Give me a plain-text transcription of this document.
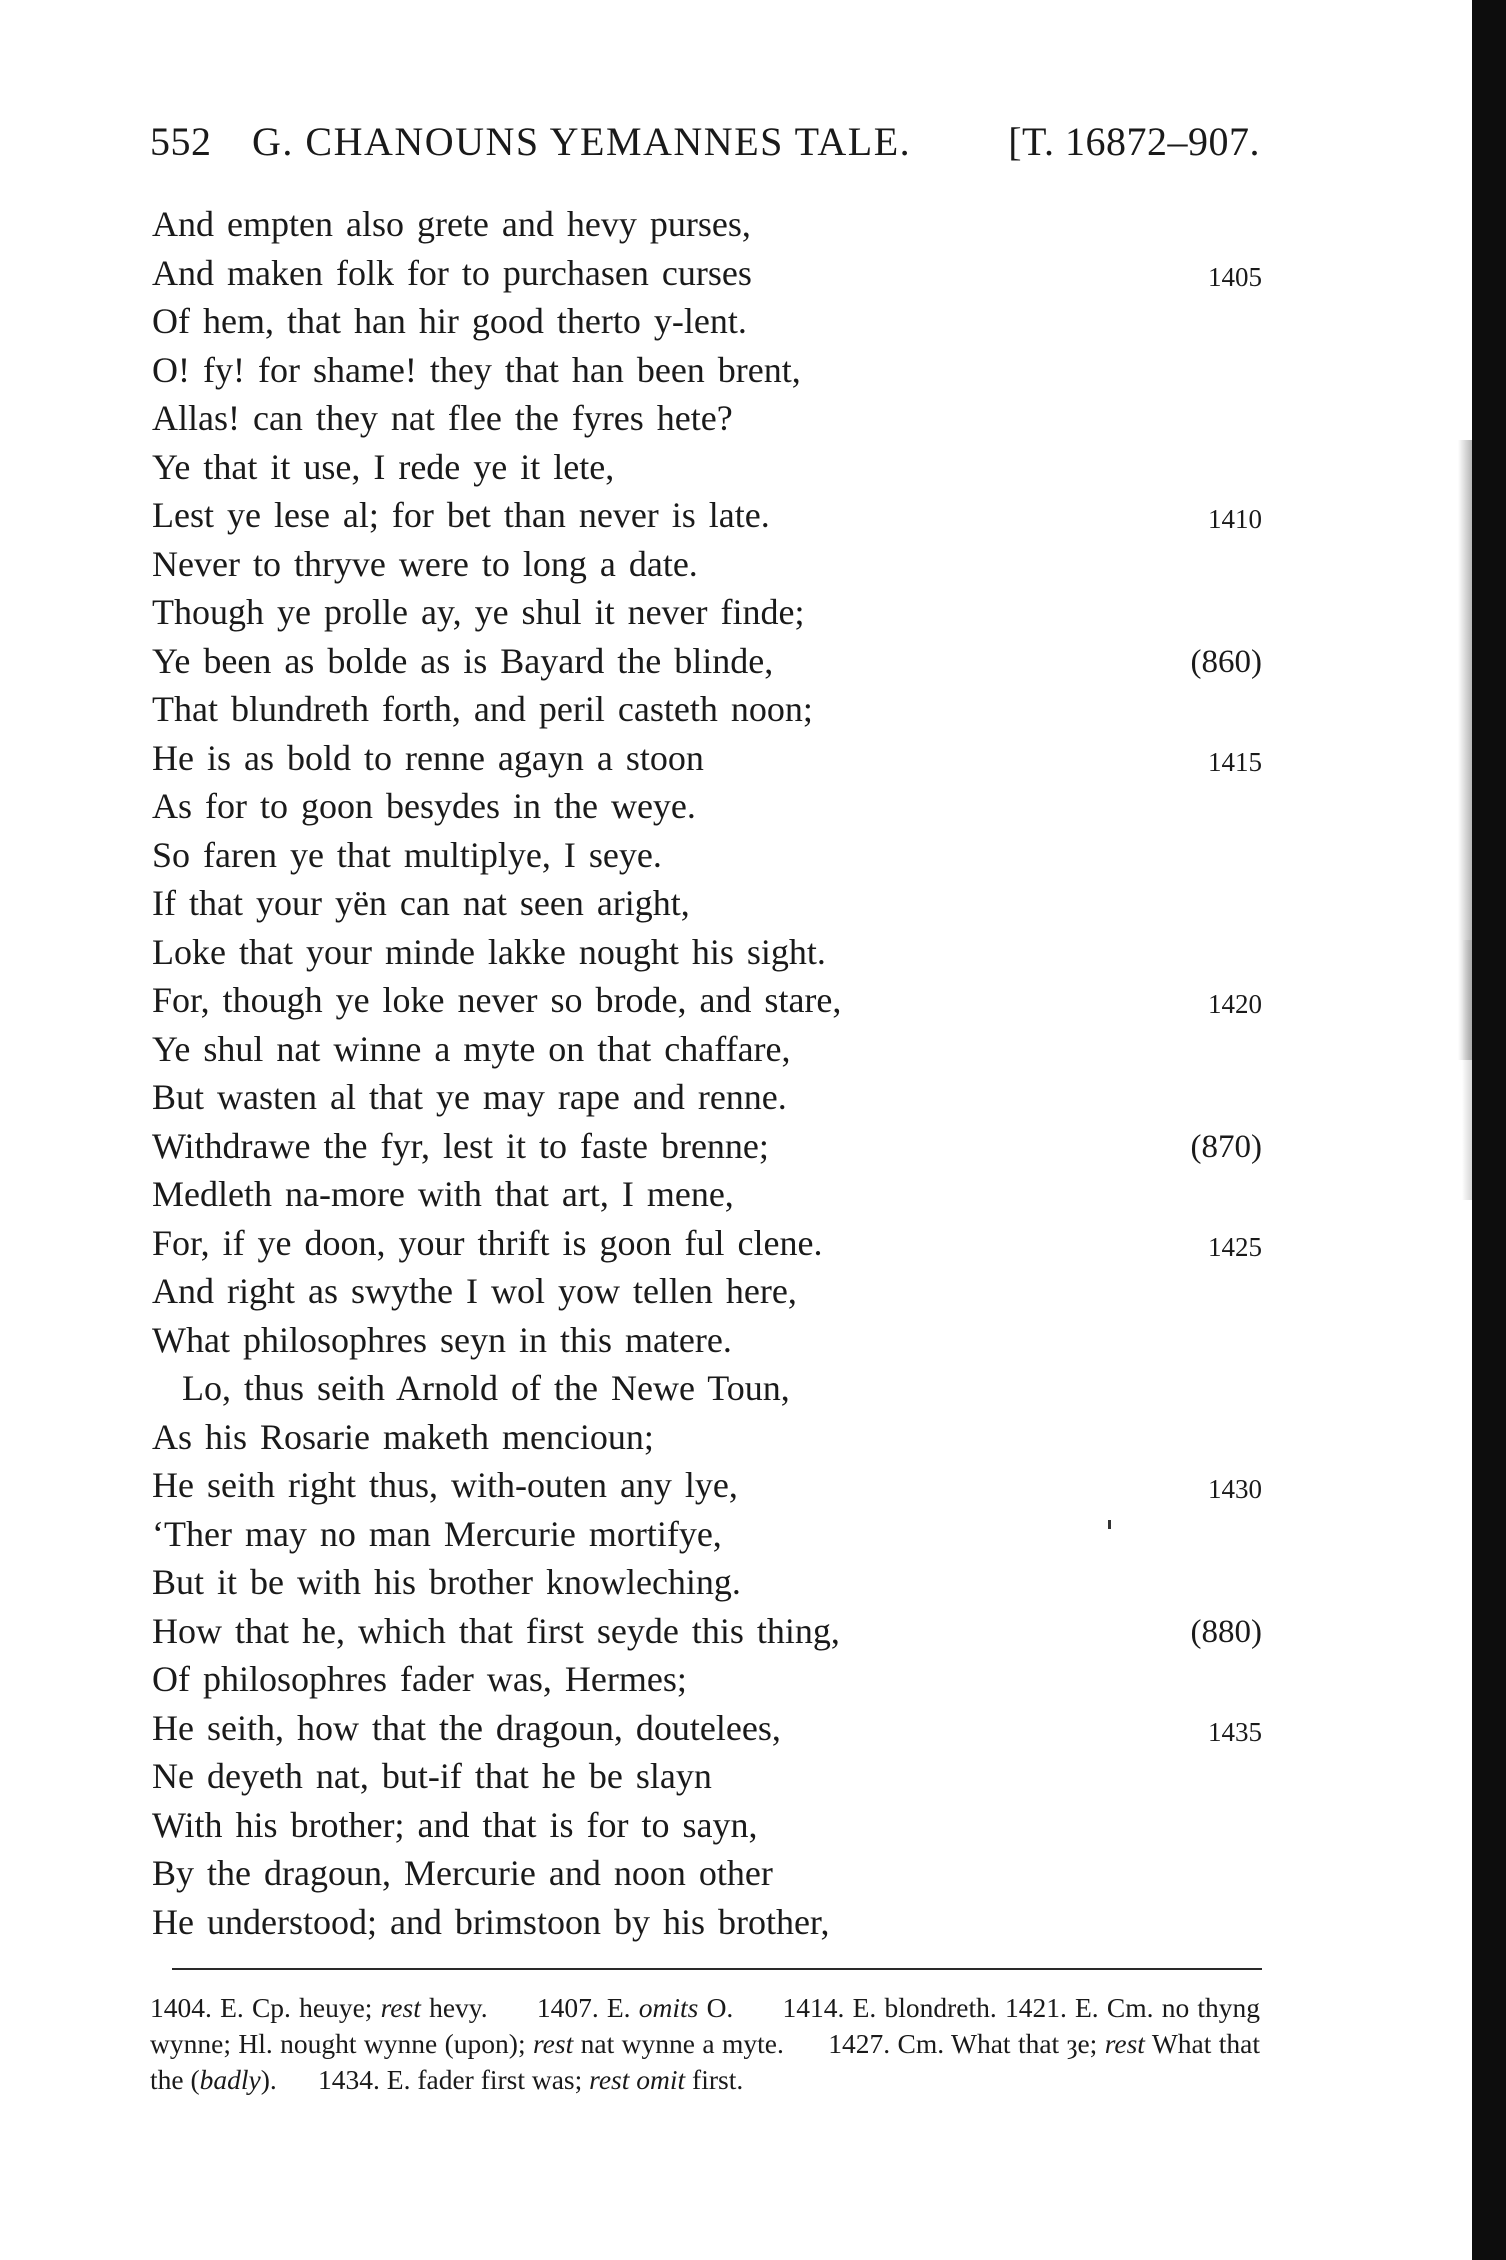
552 G. CHANOUNS YEMANNES TALE. [T. 16872–907.
And empten also grete and hevy purses,
And maken folk for to purchasen curses	1405
Of hem, that han hir good therto y-lent.
O! fy! for shame! they that han been brent,
Allas! can they nat flee the fyres hete?
Ye that it use, I rede ye it lete,
Lest ye lese al; for bet than never is late.	1410
Never to thryve were to long a date.
Though ye prolle ay, ye shul it never finde;
Ye been as bolde as is Bayard the blinde,	(860)
That blundreth forth, and peril casteth noon;
He is as bold to renne agayn a stoon	1415
As for to goon besydes in the weye.
So faren ye that multiplye, I seye.
If that your yën can nat seen aright,
Loke that your minde lakke nought his sight.
For, though ye loke never so brode, and stare,	1420
Ye shul nat winne a myte on that chaffare,
But wasten al that ye may rape and renne.
Withdrawe the fyr, lest it to faste brenne;	(870)
Medleth na-more with that art, I mene,
For, if ye doon, your thrift is goon ful clene.	1425
And right as swythe I wol yow tellen here,
What philosophres seyn in this matere.
Lo, thus seith Arnold of the Newe Toun,
As his Rosarie maketh mencioun;
He seith right thus, with-outen any lye,	1430
‘Ther may no man Mercurie mortifye,
But it be with his brother knowleching.
How that he, which that first seyde this thing,	(880)
Of philosophres fader was, Hermes;
He seith, how that the dragoun, doutelees,	1435
Ne deyeth nat, but-if that he be slayn
With his brother; and that is for to sayn,
By the dragoun, Mercurie and noon other
He understood; and brimstoon by his brother,

1404. E. Cp. heuye; rest hevy. 1407. E. omits O. 1414. E. blondreth. 1421. E. Cm. no thyng wynne; Hl. nought wynne (upon); rest nat wynne a myte. 1427. Cm. What that ȝe; rest What that the (badly). 1434. E. fader first was; rest omit first.
